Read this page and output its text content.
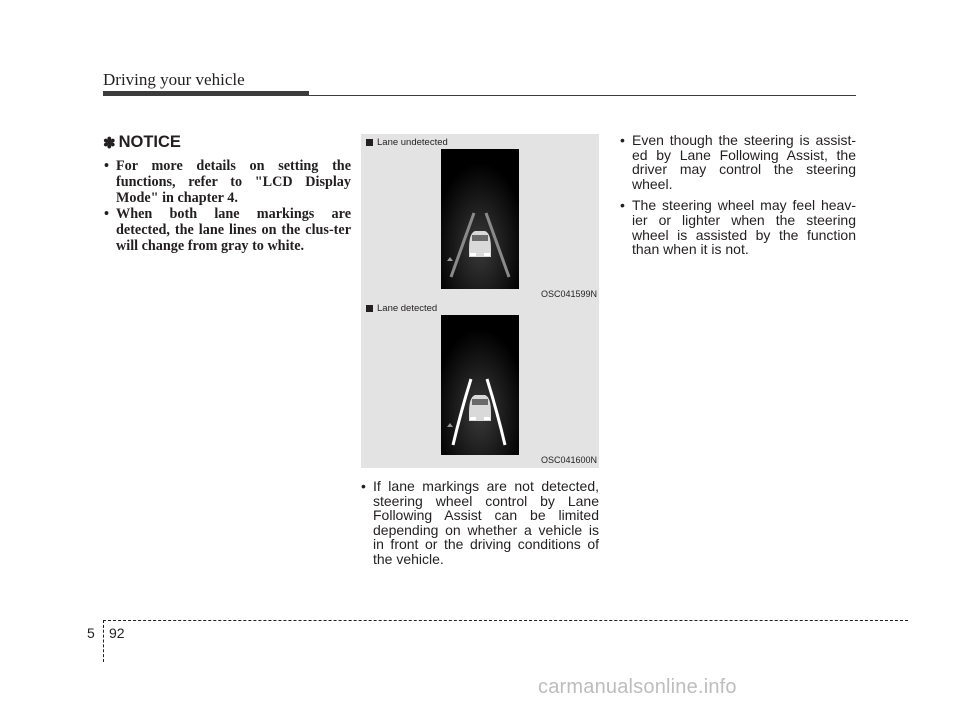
Driving your vehicle
✽ NOTICE
• For more details on setting the functions, refer to "LCD Display Mode" in chapter 4.
• When both lane markings are detected, the lane lines on the clus-ter will change from gray to white.
Lane undetected
OSC041599N
Lane detected
OSC041600N

• If lane markings are not detected, steering wheel control by Lane Following Assist can be limited depending on whether a vehicle is in front or the driving conditions of the vehicle.

• Even though the steering is assist-ed by Lane Following Assist, the driver may control the steering wheel.

• The steering wheel may feel heav-ier or lighter when the steering wheel is assisted by the function than when it is not.

5 92
carmanualsonline.info
